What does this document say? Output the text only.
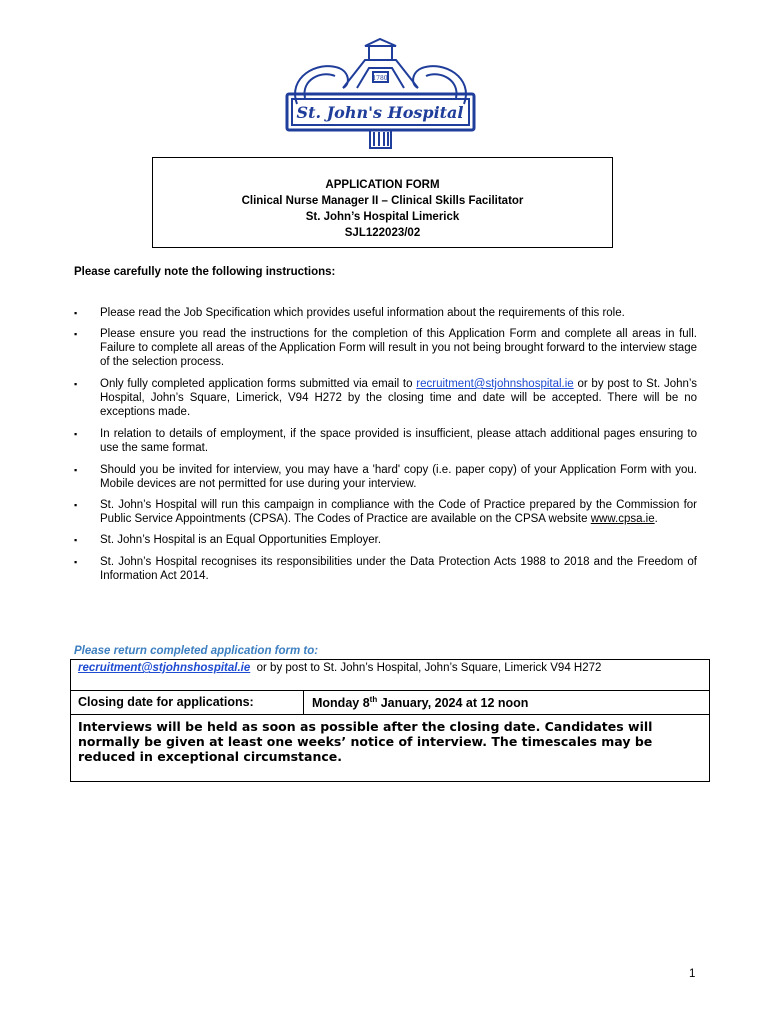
1780
St. John's Hospital
APPLICATION FORM
Clinical Nurse Manager II – Clinical Skills Facilitator
St. John’s Hospital Limerick
SJL122023/02
Please carefully note the following instructions:
▪ Please read the Job Specification which provides useful information about the requirements of this role.
▪ Please ensure you read the instructions for the completion of this Application Form and complete all areas in full. Failure to complete all areas of the Application Form will result in you not being brought forward to the interview stage of the selection process.
▪ Only fully completed application forms submitted via email to recruitment@stjohnshospital.ie or by post to St. John’s Hospital, John’s Square, Limerick, V94 H272 by the closing time and date will be accepted. There will be no exceptions made.
▪ In relation to details of employment, if the space provided is insufficient, please attach additional pages ensuring to use the same format.
▪ Should you be invited for interview, you may have a 'hard' copy (i.e. paper copy) of your Application Form with you. Mobile devices are not permitted for use during your interview.
▪ St. John’s Hospital will run this campaign in compliance with the Code of Practice prepared by the Commission for Public Service Appointments (CPSA). The Codes of Practice are available on the CPSA website www.cpsa.ie.
▪ St. John’s Hospital is an Equal Opportunities Employer.
▪ St. John’s Hospital recognises its responsibilities under the Data Protection Acts 1988 to 2018 and the Freedom of Information Act 2014.
Please return completed application form to:
recruitment@stjohnshospital.ie  or by post to St. John’s Hospital, John’s Square, Limerick V94 H272
Closing date for applications:	Monday 8th January, 2024 at 12 noon
Interviews will be held as soon as possible after the closing date. Candidates will normally be given at least one weeks’ notice of interview. The timescales may be reduced in exceptional circumstance.
1
